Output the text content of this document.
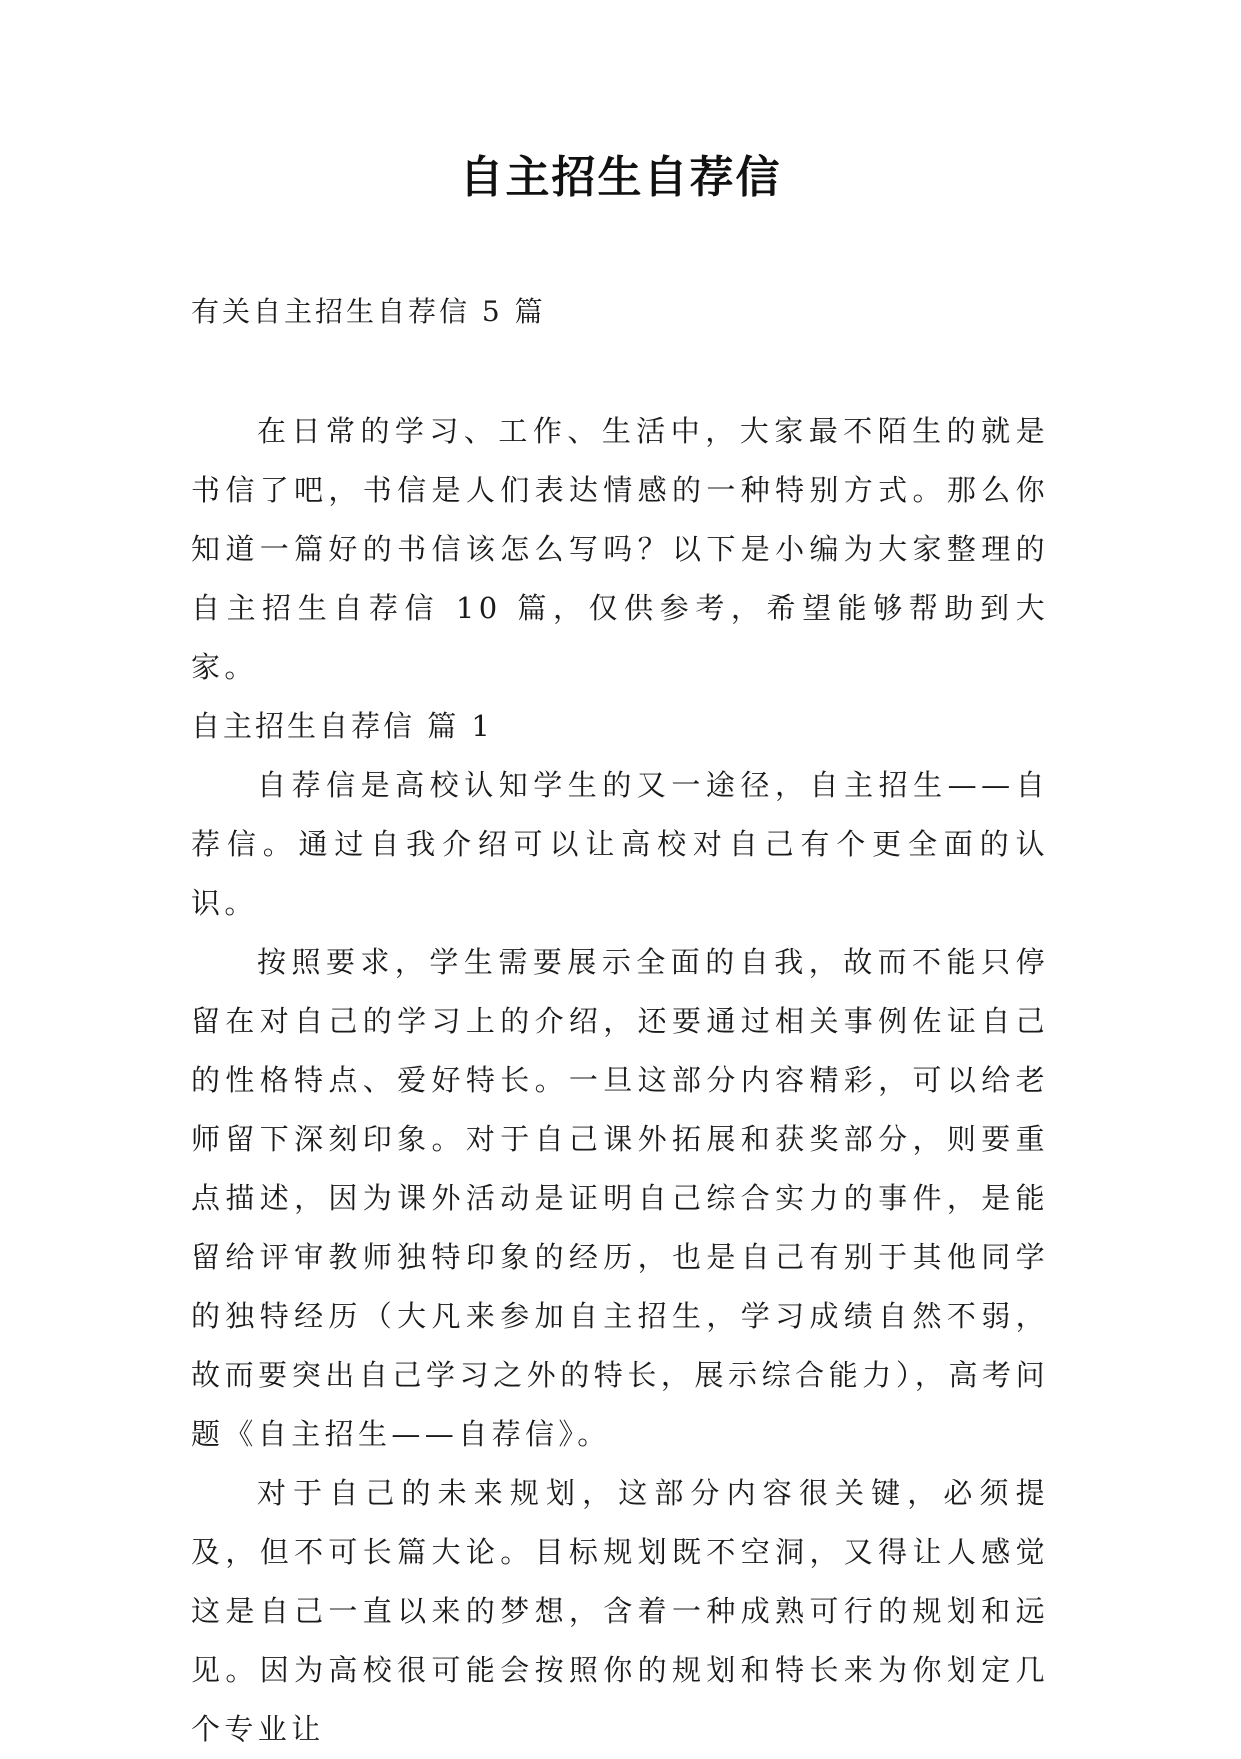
自主招生自荐信

有关自主招生自荐信 5 篇

在日常的学习、工作、生活中，大家最不陌生的就是书信了吧，书信是人们表达情感的一种特别方式。那么你知道一篇好的书信该怎么写吗？以下是小编为大家整理的自主招生自荐信 10 篇，仅供参考，希望能够帮助到大家。

自主招生自荐信 篇 1

自荐信是高校认知学生的又一途径，自主招生——自荐信。通过自我介绍可以让高校对自己有个更全面的认识。

按照要求，学生需要展示全面的自我，故而不能只停留在对自己的学习上的介绍，还要通过相关事例佐证自己的性格特点、爱好特长。一旦这部分内容精彩，可以给老师留下深刻印象。对于自己课外拓展和获奖部分，则要重点描述，因为课外活动是证明自己综合实力的事件，是能留给评审教师独特印象的经历，也是自己有别于其他同学的独特经历（大凡来参加自主招生，学习成绩自然不弱，故而要突出自己学习之外的特长，展示综合能力），高考问题《自主招生——自荐信》。

对于自己的未来规划，这部分内容很关键，必须提及，但不可长篇大论。目标规划既不空洞，又得让人感觉这是自己一直以来的梦想，含着一种成熟可行的规划和远见。因为高校很可能会按照你的规划和特长来为你划定几个专业让
